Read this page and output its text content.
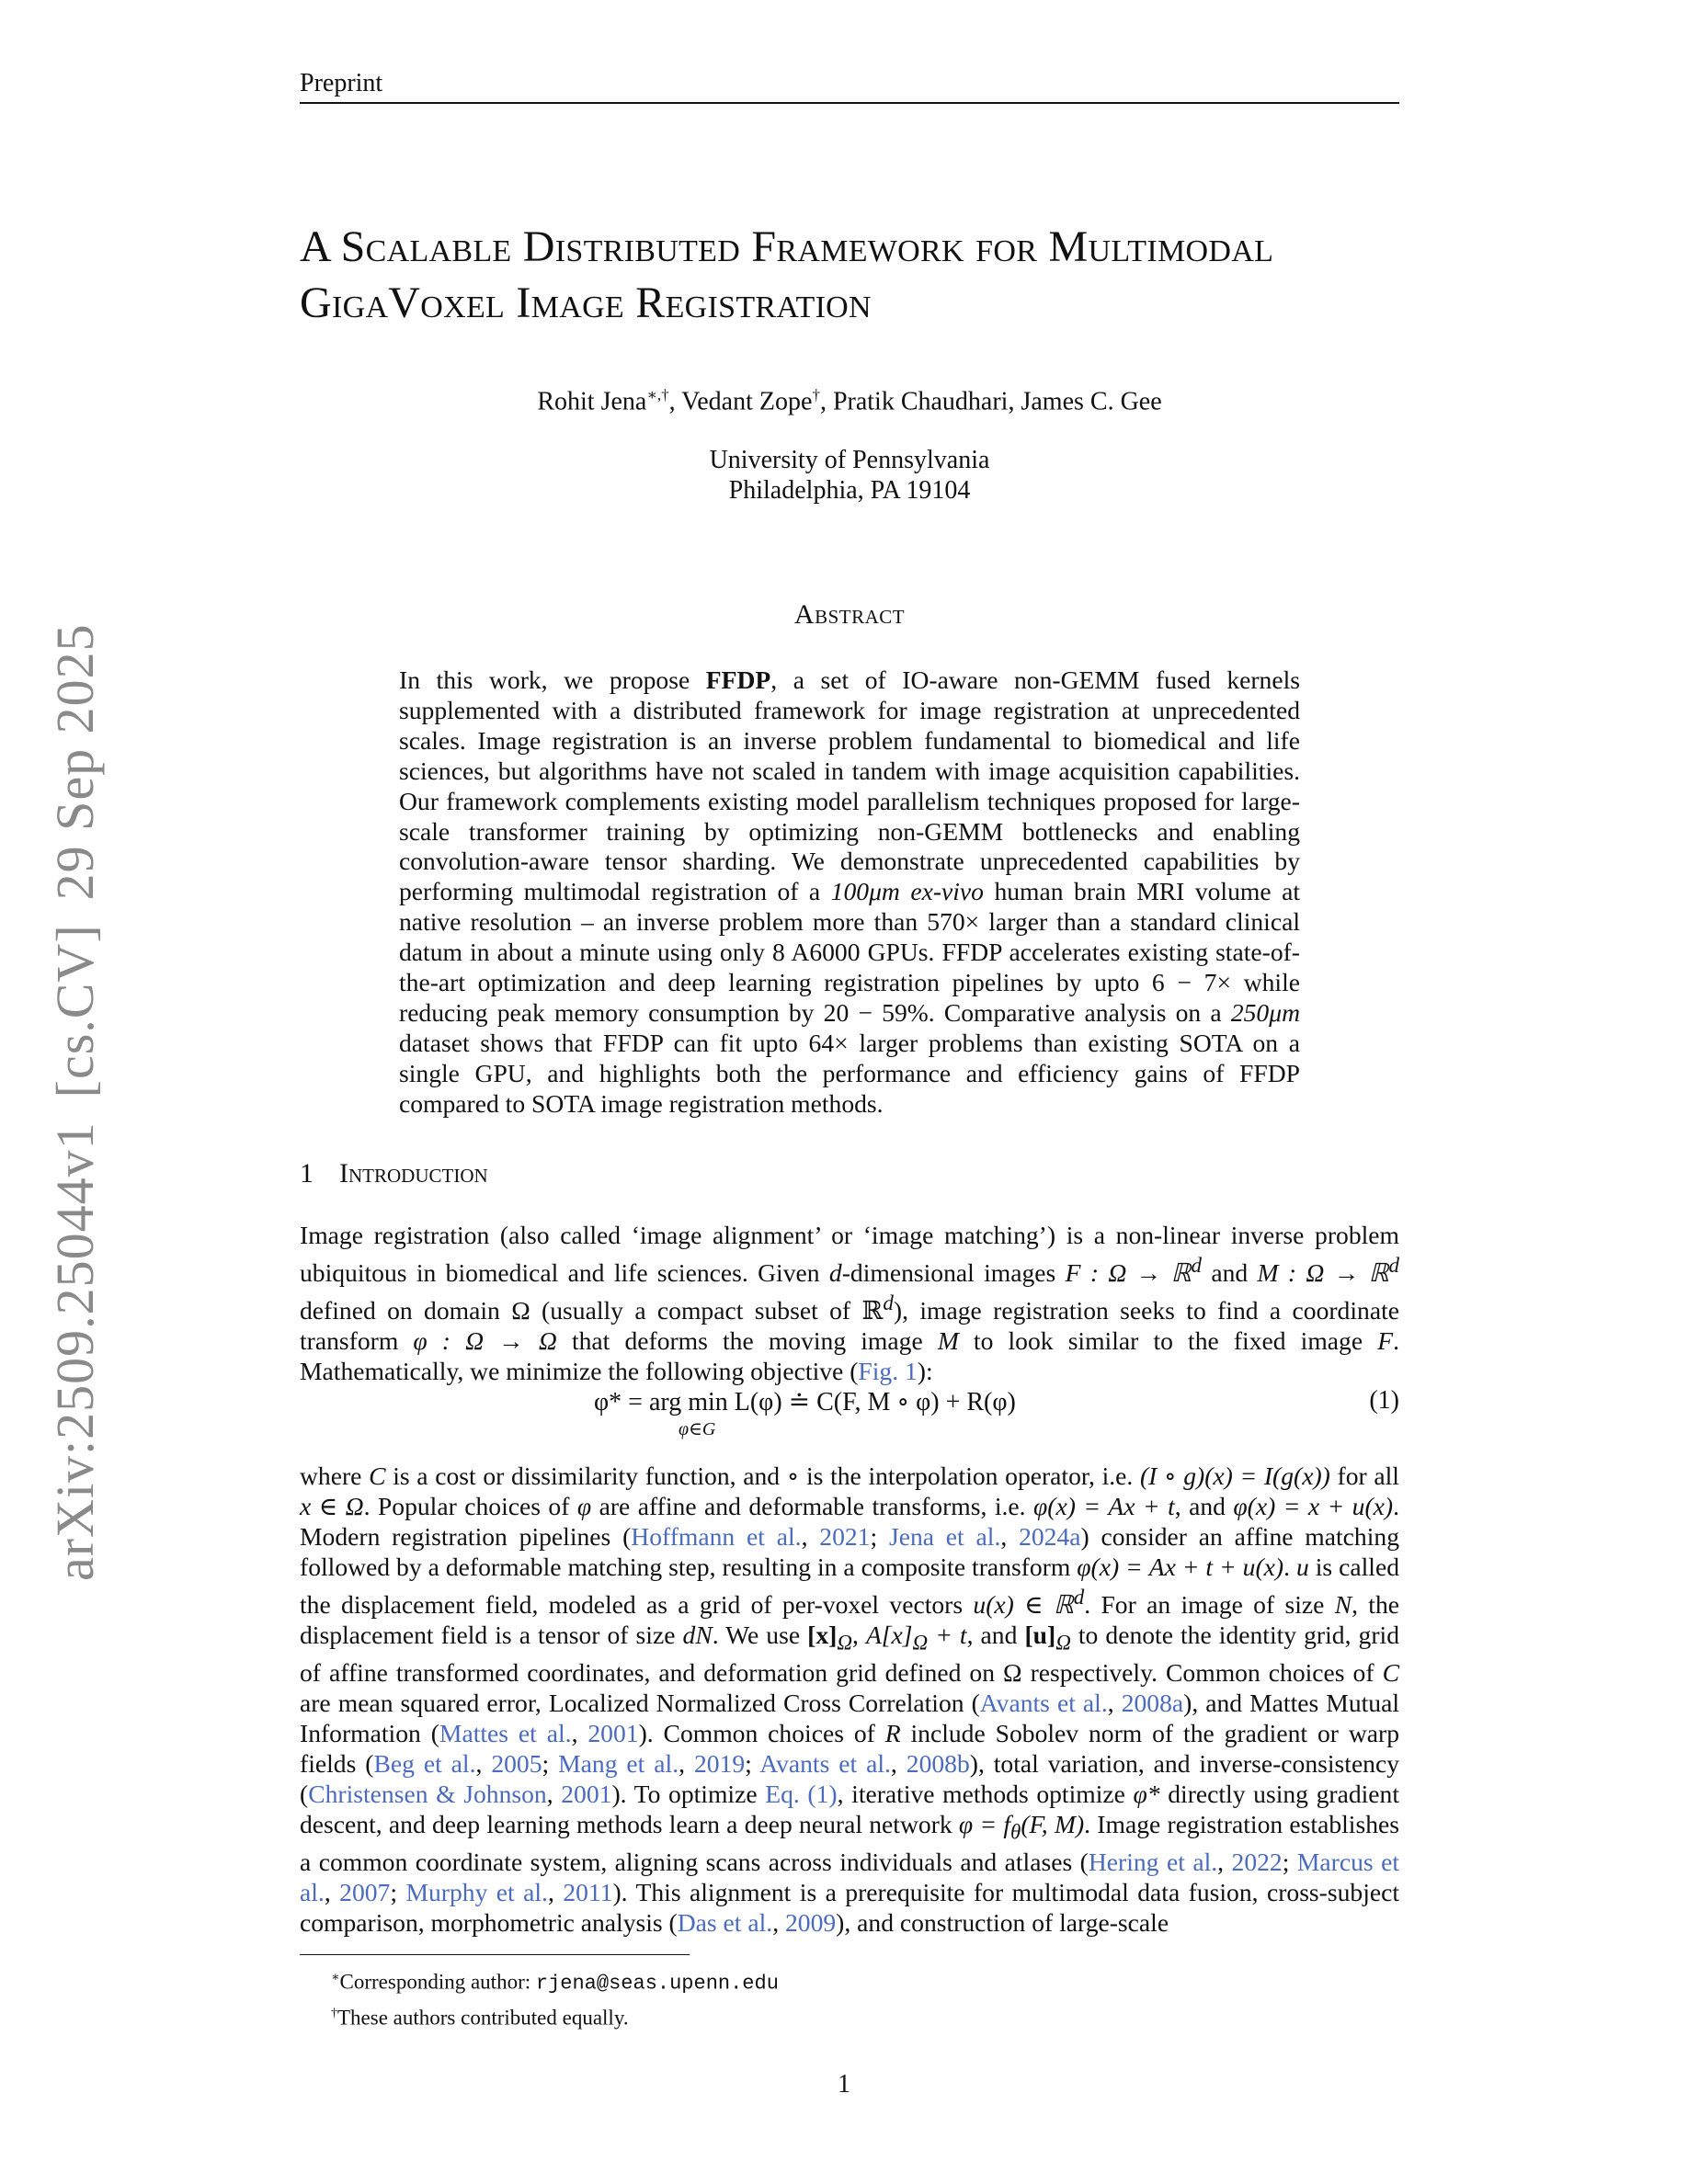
arXiv:2509.25044v1[cs.CV]29 Sep 2025
Preprint
A Scalable Distributed Framework for Multimodal
GigaVoxel Image Registration
Rohit Jena∗,†, Vedant Zope†, Pratik Chaudhari, James C. Gee
University of Pennsylvania
Philadelphia, PA 19104
Abstract
In this work, we propose FFDP, a set of IO-aware non-GEMM fused kernels supplemented with a distributed framework for image registration at unprecedented scales. Image registration is an inverse problem fundamental to biomedical and life sciences, but algorithms have not scaled in tandem with image acquisition capabilities. Our framework complements existing model parallelism techniques proposed for large-scale transformer training by optimizing non-GEMM bottlenecks and enabling convolution-aware tensor sharding. We demonstrate unprecedented capabilities by performing multimodal registration of a 100μm ex-vivo human brain MRI volume at native resolution – an inverse problem more than 570× larger than a standard clinical datum in about a minute using only 8 A6000 GPUs. FFDP accelerates existing state-of-the-art optimization and deep learning registration pipelines by upto 6 − 7× while reducing peak memory consumption by 20 − 59%. Comparative analysis on a 250μm dataset shows that FFDP can fit upto 64× larger problems than existing SOTA on a single GPU, and highlights both the performance and efficiency gains of FFDP compared to SOTA image registration methods.
1 Introduction
Image registration (also called ‘image alignment’ or ‘image matching’) is a non-linear inverse problem ubiquitous in biomedical and life sciences. Given d-dimensional images F : Ω → ℝ$^d$ and M : Ω → ℝ$^d$ defined on domain Ω (usually a compact subset of ℝ$^d$), image registration seeks to find a coordinate transform φ : Ω → Ω that deforms the moving image M to look similar to the fixed image F. Mathematically, we minimize the following objective (Fig. 1):
φ* = arg min L(φ) ≐ C(F, M ∘ φ) + R(φ)
φ∈G
(1)
where C is a cost or dissimilarity function, and ∘ is the interpolation operator, i.e. (I ∘ g)(x) = I(g(x)) for all x ∈ Ω. Popular choices of φ are affine and deformable transforms, i.e. φ(x) = Ax + t, and φ(x) = x + u(x). Modern registration pipelines (Hoffmann et al., 2021; Jena et al., 2024a) consider an affine matching followed by a deformable matching step, resulting in a composite transform φ(x) = Ax + t + u(x). u is called the displacement field, modeled as a grid of per-voxel vectors u(x) ∈ ℝ$^d$. For an image of size N, the displacement field is a tensor of size dN. We use $[x]_\Omega$, $A[x]_\Omega + t$, and $[u]_\Omega$ to denote the identity grid, grid of affine transformed coordinates, and deformation grid defined on Ω respectively. Common choices of C are mean squared error, Localized Normalized Cross Correlation (Avants et al., 2008a), and Mattes Mutual Information (Mattes et al., 2001). Common choices of R include Sobolev norm of the gradient or warp fields (Beg et al., 2005; Mang et al., 2019; Avants et al., 2008b), total variation, and inverse-consistency (Christensen & Johnson, 2001). To optimize Eq. (1), iterative methods optimize φ* directly using gradient descent, and deep learning methods learn a deep neural network $\varphi = f_\theta(F$, M). Image registration establishes a common coordinate system, aligning scans across individuals and atlases (Hering et al., 2022; Marcus et al., 2007; Murphy et al., 2011). This alignment is a prerequisite for multimodal data fusion, cross-subject comparison, morphometric analysis (Das et al., 2009), and construction of large-scale
∗Corresponding author: rjena@seas.upenn.edu
†These authors contributed equally.
1
